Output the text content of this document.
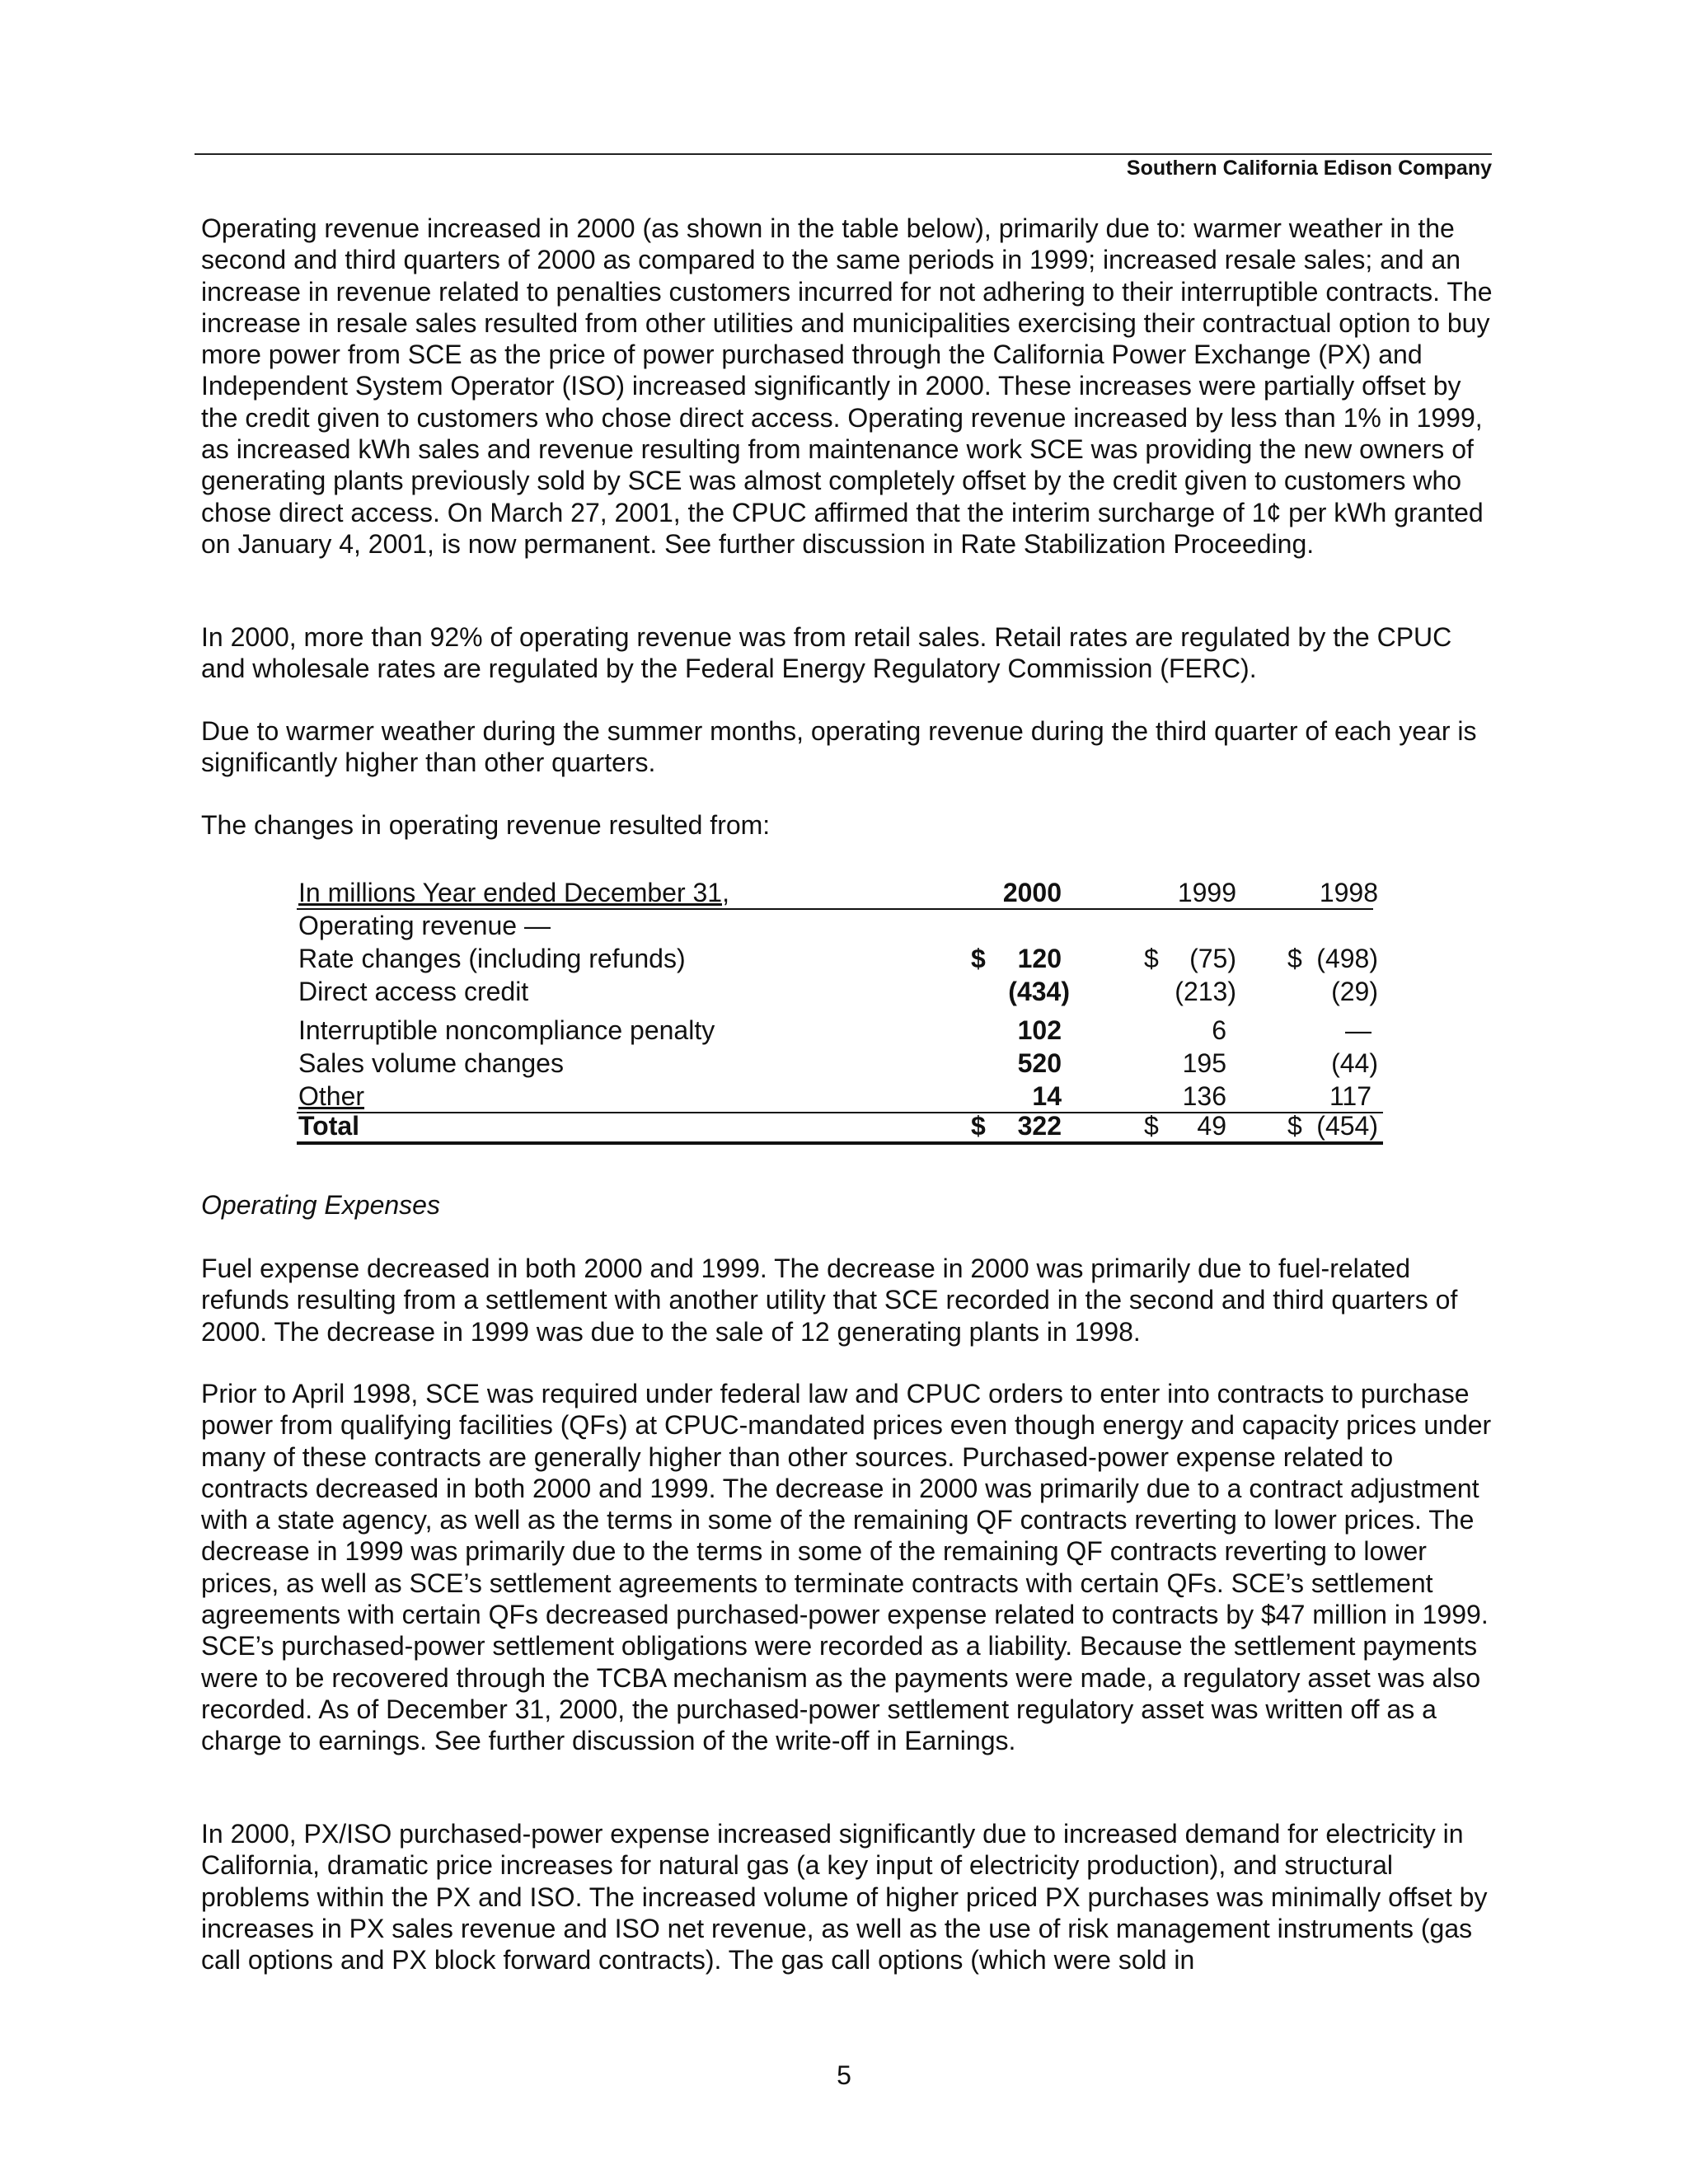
Southern California Edison Company

Operating revenue increased in 2000 (as shown in the table below), primarily due to: warmer weather in the second and third quarters of 2000 as compared to the same periods in 1999; increased resale sales; and an increase in revenue related to penalties customers incurred for not adhering to their interruptible contracts. The increase in resale sales resulted from other utilities and municipalities exercising their contractual option to buy more power from SCE as the price of power purchased through the California Power Exchange (PX) and Independent System Operator (ISO) increased significantly in 2000. These increases were partially offset by the credit given to customers who chose direct access. Operating revenue increased by less than 1% in 1999, as increased kWh sales and revenue resulting from maintenance work SCE was providing the new owners of generating plants previously sold by SCE was almost completely offset by the credit given to customers who chose direct access. On March 27, 2001, the CPUC affirmed that the interim surcharge of 1¢ per kWh granted on January 4, 2001, is now permanent. See further discussion in Rate Stabilization Proceeding.

In 2000, more than 92% of operating revenue was from retail sales. Retail rates are regulated by the CPUC and wholesale rates are regulated by the Federal Energy Regulatory Commission (FERC).

Due to warmer weather during the summer months, operating revenue during the third quarter of each year is significantly higher than other quarters.

The changes in operating revenue resulted from:

In millions Year ended December 31,	2000	1999	1998
Operating revenue —
Rate changes (including refunds)	$ 120	$ (75) $ (498)
Direct access credit	(434)	(213)	(29)
Interruptible noncompliance penalty	102	6	—
Sales volume changes	520	195	(44)
Other	14	136	117
Total	$ 322	$ 49 $ (454)
Operating Expenses

Fuel expense decreased in both 2000 and 1999. The decrease in 2000 was primarily due to fuel-related refunds resulting from a settlement with another utility that SCE recorded in the second and third quarters of 2000. The decrease in 1999 was due to the sale of 12 generating plants in 1998.

Prior to April 1998, SCE was required under federal law and CPUC orders to enter into contracts to purchase power from qualifying facilities (QFs) at CPUC-mandated prices even though energy and capacity prices under many of these contracts are generally higher than other sources. Purchased-power expense related to contracts decreased in both 2000 and 1999. The decrease in 2000 was primarily due to a contract adjustment with a state agency, as well as the terms in some of the remaining QF contracts reverting to lower prices. The decrease in 1999 was primarily due to the terms in some of the remaining QF contracts reverting to lower prices, as well as SCE’s settlement agreements to terminate contracts with certain QFs. SCE’s settlement agreements with certain QFs decreased purchased-power expense related to contracts by $47 million in 1999. SCE’s purchased-power settlement obligations were recorded as a liability. Because the settlement payments were to be recovered through the TCBA mechanism as the payments were made, a regulatory asset was also recorded. As of December 31, 2000, the purchased-power settlement regulatory asset was written off as a charge to earnings. See further discussion of the write-off in Earnings.

In 2000, PX/ISO purchased-power expense increased significantly due to increased demand for electricity in California, dramatic price increases for natural gas (a key input of electricity production), and structural problems within the PX and ISO. The increased volume of higher priced PX purchases was minimally offset by increases in PX sales revenue and ISO net revenue, as well as the use of risk management instruments (gas call options and PX block forward contracts). The gas call options (which were sold in

5
